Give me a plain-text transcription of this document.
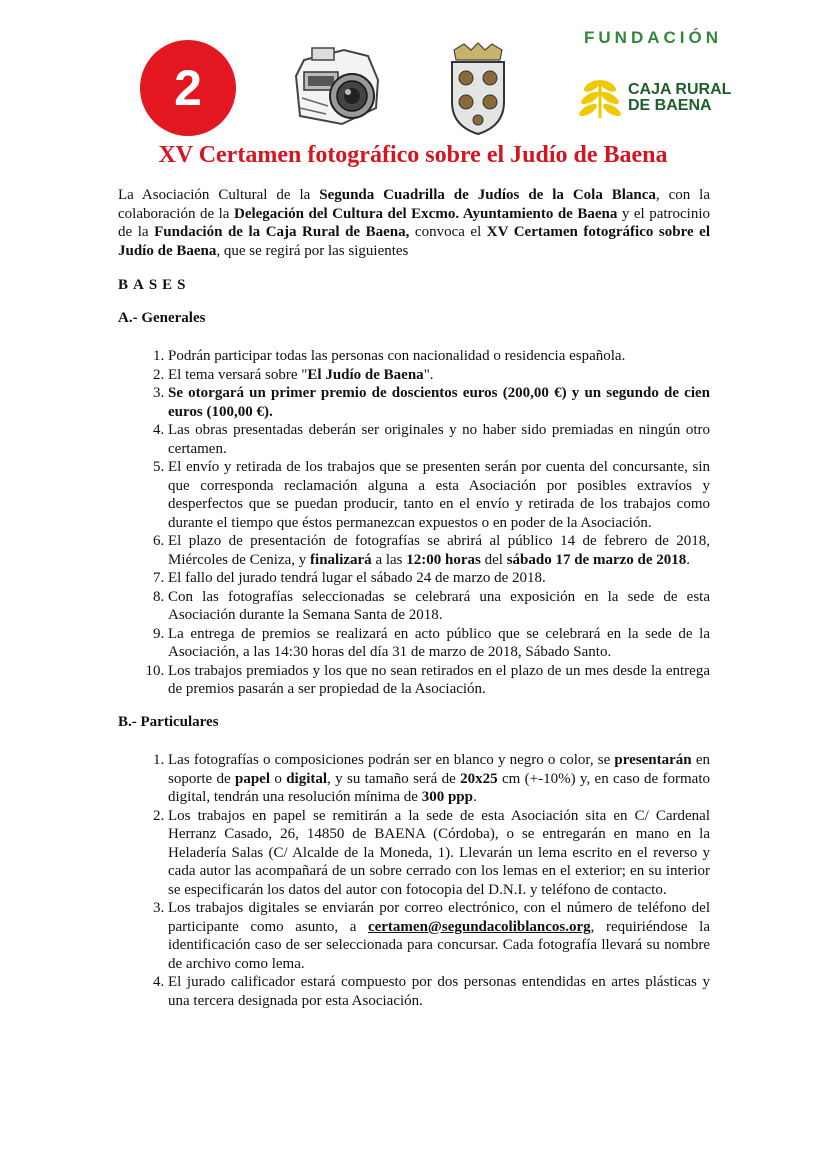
2
FUNDACIÓN
CAJA RURAL
DE BAENA
XV Certamen fotográfico sobre el Judío de Baena

La Asociación Cultural de la Segunda Cuadrilla de Judíos de la Cola Blanca, con la colaboración de la Delegación del Cultura del Excmo. Ayuntamiento de Baena y el patrocinio de la Fundación de la Caja Rural de Baena, convoca el XV Certamen fotográfico sobre el Judío de Baena, que se regirá por las siguientes

BASES

A.- Generales

1. Podrán participar todas las personas con nacionalidad o residencia española.
2. El tema versará sobre "El Judío de Baena".
3. Se otorgará un primer premio de doscientos euros (200,00 €) y un segundo de cien euros (100,00 €).
4. Las obras presentadas deberán ser originales y no haber sido premiadas en ningún otro certamen.
5. El envío y retirada de los trabajos que se presenten serán por cuenta del concursante, sin que corresponda reclamación alguna a esta Asociación por posibles extravíos y desperfectos que se puedan producir, tanto en el envío y retirada de los trabajos como durante el tiempo que éstos permanezcan expuestos o en poder de la Asociación.
6. El plazo de presentación de fotografías se abrirá al público 14 de febrero de 2018, Miércoles de Ceniza, y finalizará a las 12:00 horas del sábado 17 de marzo de 2018.
7. El fallo del jurado tendrá lugar el sábado 24 de marzo de 2018.
8. Con las fotografías seleccionadas se celebrará una exposición en la sede de esta Asociación durante la Semana Santa de 2018.
9. La entrega de premios se realizará en acto público que se celebrará en la sede de la Asociación, a las 14:30 horas del día 31 de marzo de 2018, Sábado Santo.
10. Los trabajos premiados y los que no sean retirados en el plazo de un mes desde la entrega de premios pasarán a ser propiedad de la Asociación.

B.- Particulares

1. Las fotografías o composiciones podrán ser en blanco y negro o color, se presentarán en soporte de papel o digital, y su tamaño será de 20x25 cm (+-10%) y, en caso de formato digital, tendrán una resolución mínima de 300 ppp.
2. Los trabajos en papel se remitirán a la sede de esta Asociación sita en C/ Cardenal Herranz Casado, 26, 14850 de BAENA (Córdoba), o se entregarán en mano en la Heladería Salas (C/ Alcalde de la Moneda, 1). Llevarán un lema escrito en el reverso y cada autor las acompañará de un sobre cerrado con los lemas en el exterior; en su interior se especificarán los datos del autor con fotocopia del D.N.I. y teléfono de contacto.
3. Los trabajos digitales se enviarán por correo electrónico, con el número de teléfono del participante como asunto, a certamen@segundacoliblancos.org, requiriéndose la identificación caso de ser seleccionada para concursar. Cada fotografía llevará su nombre de archivo como lema.
4. El jurado calificador estará compuesto por dos personas entendidas en artes plásticas y una tercera designada por esta Asociación.
